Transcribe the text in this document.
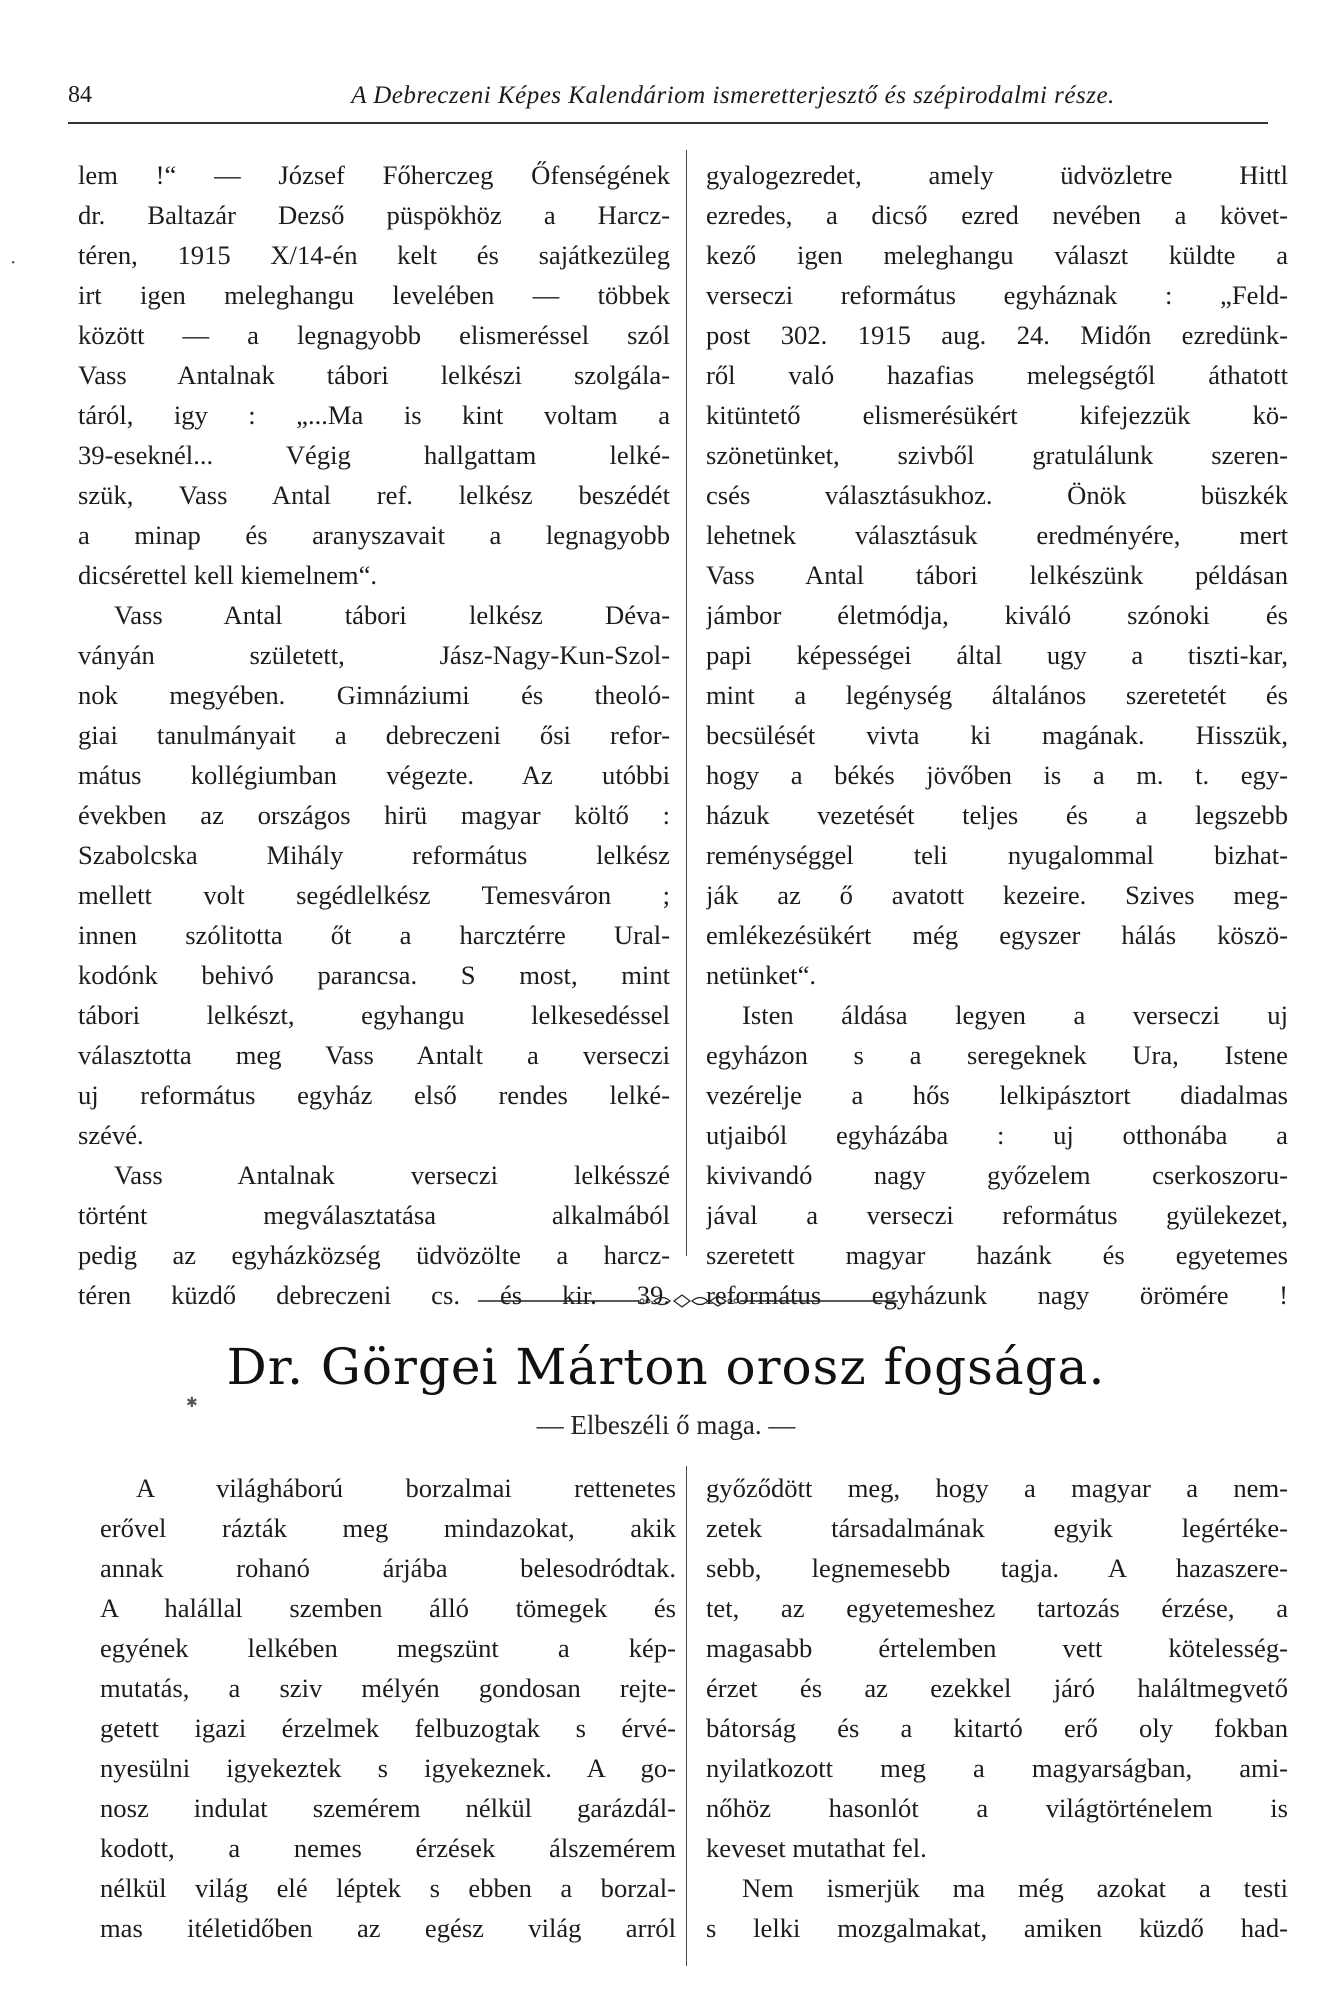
84	A Debreczeni Képes Kalendáriom ismeretterjesztő és szépirodalmi része.
·
lem !“ — József Főherczeg Őfenségének
dr. Baltazár Dezső püspökhöz a Harcz-
téren, 1915 X/14-én kelt és sajátkezüleg
irt igen meleghangu levelében — többek
között — a legnagyobb elismeréssel szól
Vass Antalnak tábori lelkészi szolgála-
táról, igy : „...Ma is kint voltam a
39-eseknél... Végig hallgattam lelké-
szük, Vass Antal ref. lelkész beszédét
a minap és aranyszavait a legnagyobb
dicsérettel kell kiemelnem“.
Vass Antal tábori lelkész Déva-
ványán született, Jász-Nagy-Kun-Szol-
nok megyében. Gimnáziumi és theoló-
giai tanulmányait a debreczeni ősi refor-
mátus kollégiumban végezte. Az utóbbi
években az országos hirü magyar költő :
Szabolcska Mihály református lelkész
mellett volt segédlelkész Temesváron ;
innen szólitotta őt a harcztérre Ural-
kodónk behivó parancsa. S most, mint
tábori lelkészt, egyhangu lelkesedéssel
választotta meg Vass Antalt a verseczi
uj református egyház első rendes lelké-
szévé.
Vass Antalnak verseczi lelkésszé
történt megválasztatása alkalmából
pedig az egyházközség üdvözölte a harcz-
téren küzdő debreczeni cs. és kir. 39.
gyalogezredet, amely üdvözletre Hittl
ezredes, a dicső ezred nevében a követ-
kező igen meleghangu választ küldte a
verseczi református egyháznak : „Feld-
post 302. 1915 aug. 24. Midőn ezredünk-
ről való hazafias melegségtől áthatott
kitüntető elismerésükért kifejezzük kö-
szönetünket, szivből gratulálunk szeren-
csés választásukhoz. Önök büszkék
lehetnek választásuk eredményére, mert
Vass Antal tábori lelkészünk példásan
jámbor életmódja, kiváló szónoki és
papi képességei által ugy a tiszti-kar,
mint a legénység általános szeretetét és
becsülését vivta ki magának. Hisszük,
hogy a békés jövőben is a m. t. egy-
házuk vezetését teljes és a legszebb
reménységgel teli nyugalommal bizhat-
ják az ő avatott kezeire. Szives meg-
emlékezésükért még egyszer hálás köszö-
netünket“.
Isten áldása legyen a verseczi uj
egyházon s a seregeknek Ura, Istene
vezérelje a hős lelkipásztort diadalmas
utjaiból egyházába : uj otthonába a
kivivandó nagy győzelem cserkoszoru-
jával a verseczi református gyülekezet,
szeretett magyar hazánk és egyetemes
református egyházunk nagy örömére !
✱
Dr. Görgei Márton orosz fogsága.
— Elbeszéli ő maga. —
A világháború borzalmai rettenetes
erővel rázták meg mindazokat, akik
annak rohanó árjába belesodródtak.
A halállal szemben álló tömegek és
egyének lelkében megszünt a kép-
mutatás, a sziv mélyén gondosan rejte-
getett igazi érzelmek felbuzogtak s érvé-
nyesülni igyekeztek s igyekeznek. A go-
nosz indulat szemérem nélkül garázdál-
kodott, a nemes érzések álszemérem
nélkül világ elé léptek s ebben a borzal-
mas itéletidőben az egész világ arról
győződött meg, hogy a magyar a nem-
zetek társadalmának egyik legértéke-
sebb, legnemesebb tagja. A hazaszere-
tet, az egyetemeshez tartozás érzése, a
magasabb értelemben vett kötelesség-
érzet és az ezekkel járó haláltmegvető
bátorság és a kitartó erő oly fokban
nyilatkozott meg a magyarságban, ami-
nőhöz hasonlót a világtörténelem is
keveset mutathat fel.
Nem ismerjük ma még azokat a testi
s lelki mozgalmakat, amiken küzdő had-
